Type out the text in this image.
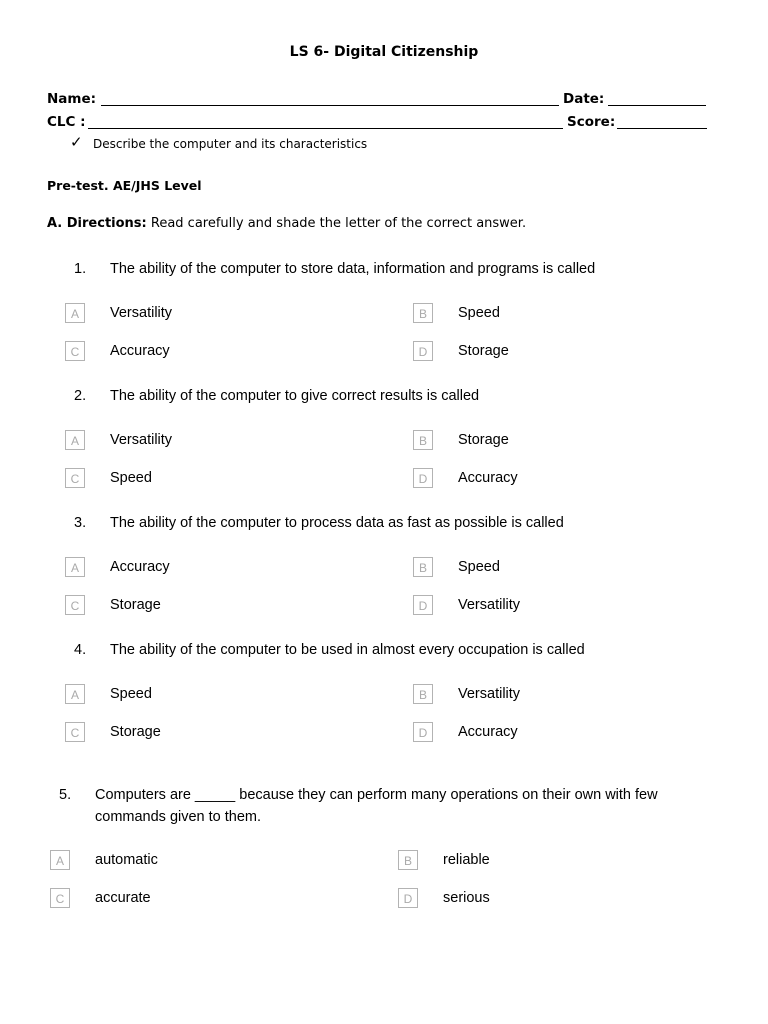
LS 6- Digital Citizenship
Name:	Date:
CLC :	Score:
✓ Describe the computer and its characteristics
Pre-test. AE/JHS Level
A. Directions: Read carefully and shade the letter of the correct answer.
1. The ability of the computer to store data, information and programs is called
A	Versatility	B	Speed
C	Accuracy	D	Storage
2. The ability of the computer to give correct results is called
A	Versatility	B	Storage
C	Speed	D	Accuracy
3. The ability of the computer to process data as fast as possible is called
A	Accuracy	B	Speed
C	Storage	D	Versatility
4. The ability of the computer to be used in almost every occupation is called
A	Speed	B	Versatility
C	Storage	D	Accuracy
5. Computers are _____ because they can perform many operations on their own with few
commands given to them.
A	automatic	B	reliable
C	accurate	D	serious
